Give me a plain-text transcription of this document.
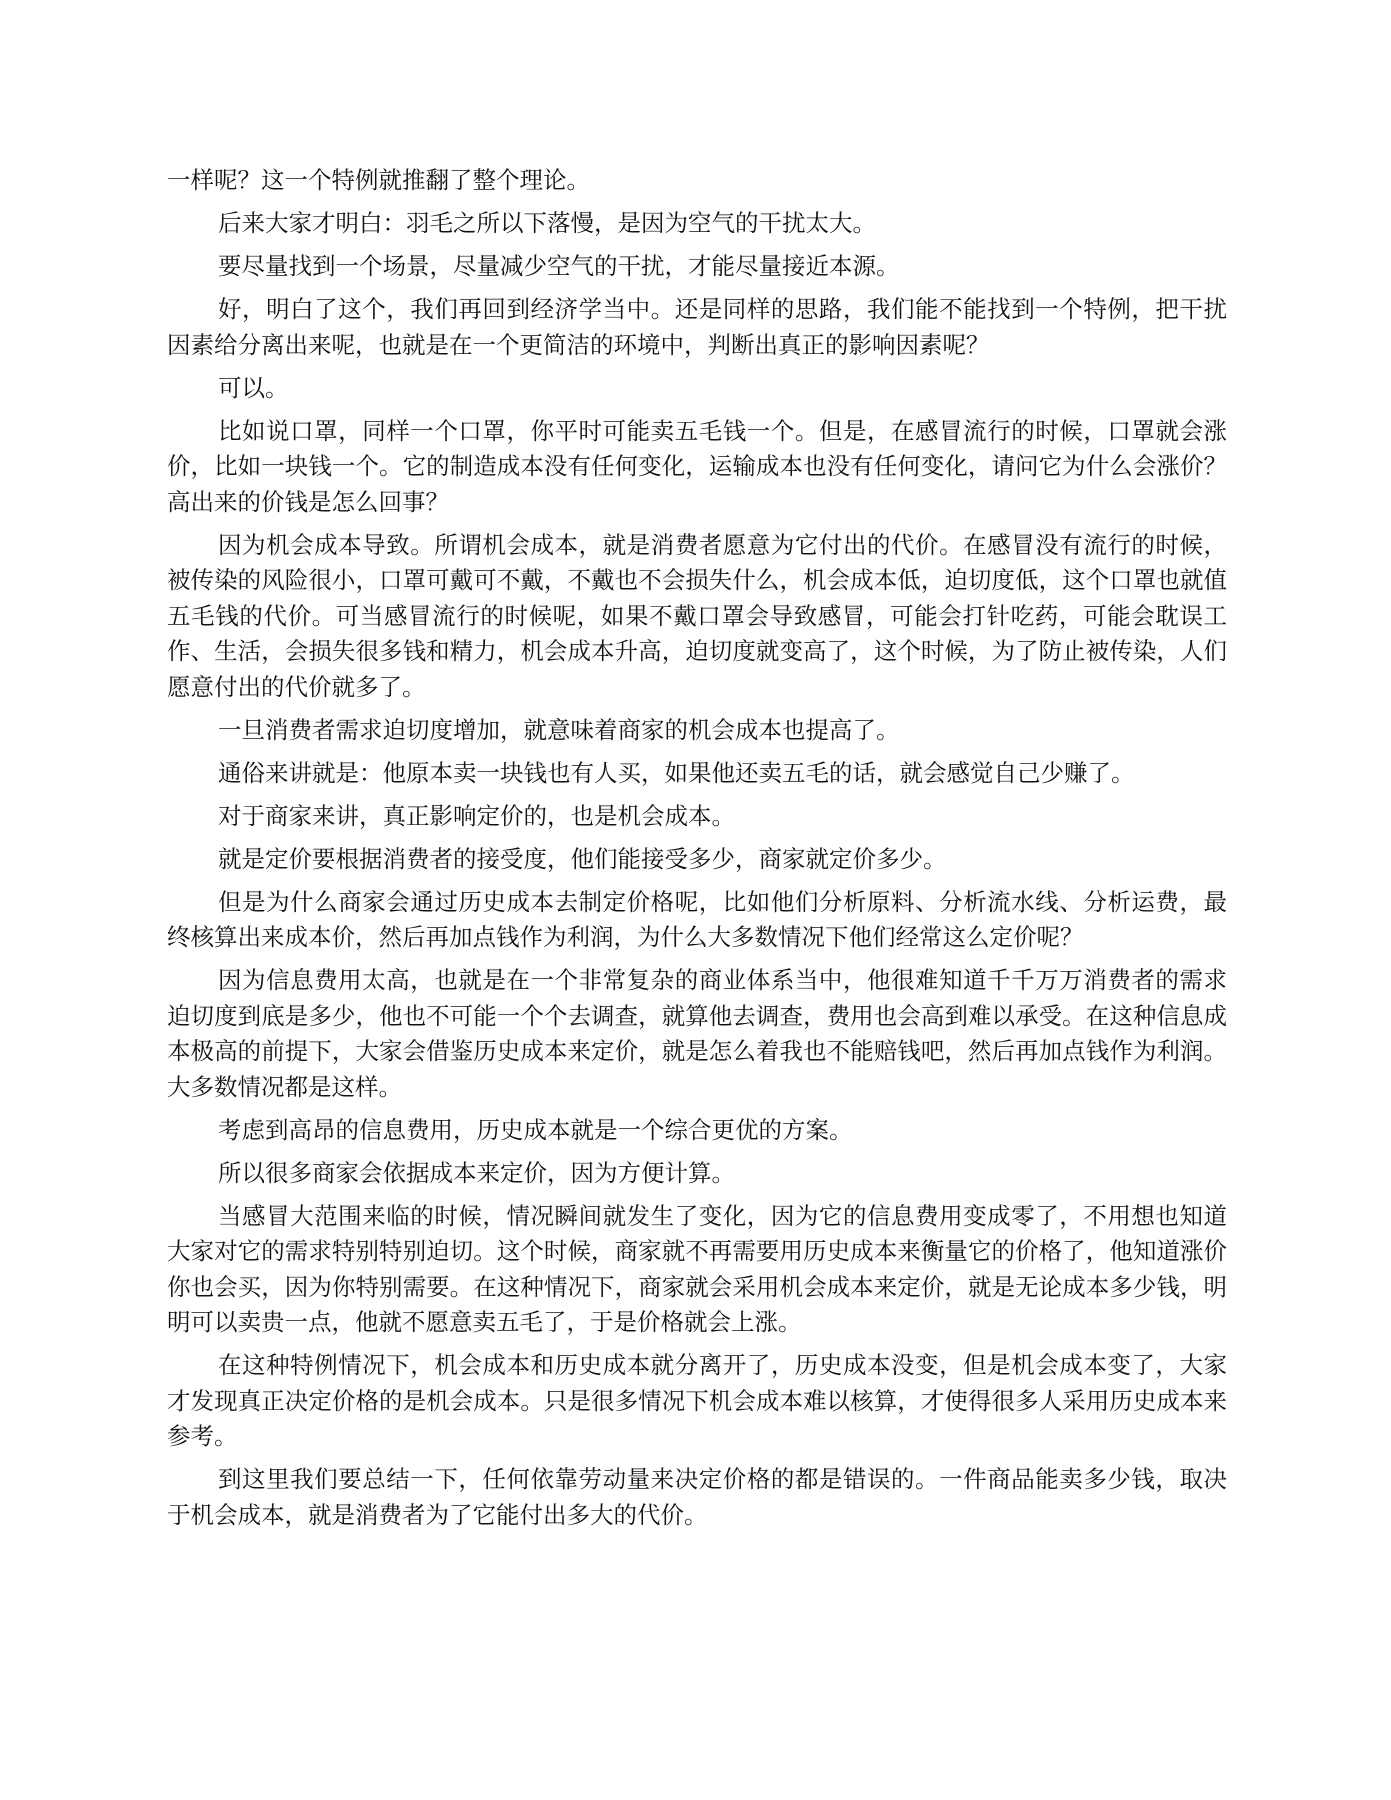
一样呢？这一个特例就推翻了整个理论。

后来大家才明白：羽毛之所以下落慢，是因为空气的干扰太大。

要尽量找到一个场景，尽量减少空气的干扰，才能尽量接近本源。

好，明白了这个，我们再回到经济学当中。还是同样的思路，我们能不能找到一个特例，把干扰因素给分离出来呢，也就是在一个更简洁的环境中，判断出真正的影响因素呢？

可以。

比如说口罩，同样一个口罩，你平时可能卖五毛钱一个。但是，在感冒流行的时候，口罩就会涨价，比如一块钱一个。它的制造成本没有任何变化，运输成本也没有任何变化，请问它为什么会涨价？高出来的价钱是怎么回事？

因为机会成本导致。所谓机会成本，就是消费者愿意为它付出的代价。在感冒没有流行的时候，被传染的风险很小，口罩可戴可不戴，不戴也不会损失什么，机会成本低，迫切度低，这个口罩也就值五毛钱的代价。可当感冒流行的时候呢，如果不戴口罩会导致感冒，可能会打针吃药，可能会耽误工作、生活，会损失很多钱和精力，机会成本升高，迫切度就变高了，这个时候，为了防止被传染，人们愿意付出的代价就多了。

一旦消费者需求迫切度增加，就意味着商家的机会成本也提高了。

通俗来讲就是：他原本卖一块钱也有人买，如果他还卖五毛的话，就会感觉自己少赚了。

对于商家来讲，真正影响定价的，也是机会成本。

就是定价要根据消费者的接受度，他们能接受多少，商家就定价多少。

但是为什么商家会通过历史成本去制定价格呢，比如他们分析原料、分析流水线、分析运费，最终核算出来成本价，然后再加点钱作为利润，为什么大多数情况下他们经常这么定价呢？

因为信息费用太高，也就是在一个非常复杂的商业体系当中，他很难知道千千万万消费者的需求迫切度到底是多少，他也不可能一个个去调查，就算他去调查，费用也会高到难以承受。在这种信息成本极高的前提下，大家会借鉴历史成本来定价，就是怎么着我也不能赔钱吧，然后再加点钱作为利润。大多数情况都是这样。

考虑到高昂的信息费用，历史成本就是一个综合更优的方案。

所以很多商家会依据成本来定价，因为方便计算。

当感冒大范围来临的时候，情况瞬间就发生了变化，因为它的信息费用变成零了，不用想也知道大家对它的需求特别特别迫切。这个时候，商家就不再需要用历史成本来衡量它的价格了，他知道涨价你也会买，因为你特别需要。在这种情况下，商家就会采用机会成本来定价，就是无论成本多少钱，明明可以卖贵一点，他就不愿意卖五毛了，于是价格就会上涨。

在这种特例情况下，机会成本和历史成本就分离开了，历史成本没变，但是机会成本变了，大家才发现真正决定价格的是机会成本。只是很多情况下机会成本难以核算，才使得很多人采用历史成本来参考。

到这里我们要总结一下，任何依靠劳动量来决定价格的都是错误的。一件商品能卖多少钱，取决于机会成本，就是消费者为了它能付出多大的代价。
